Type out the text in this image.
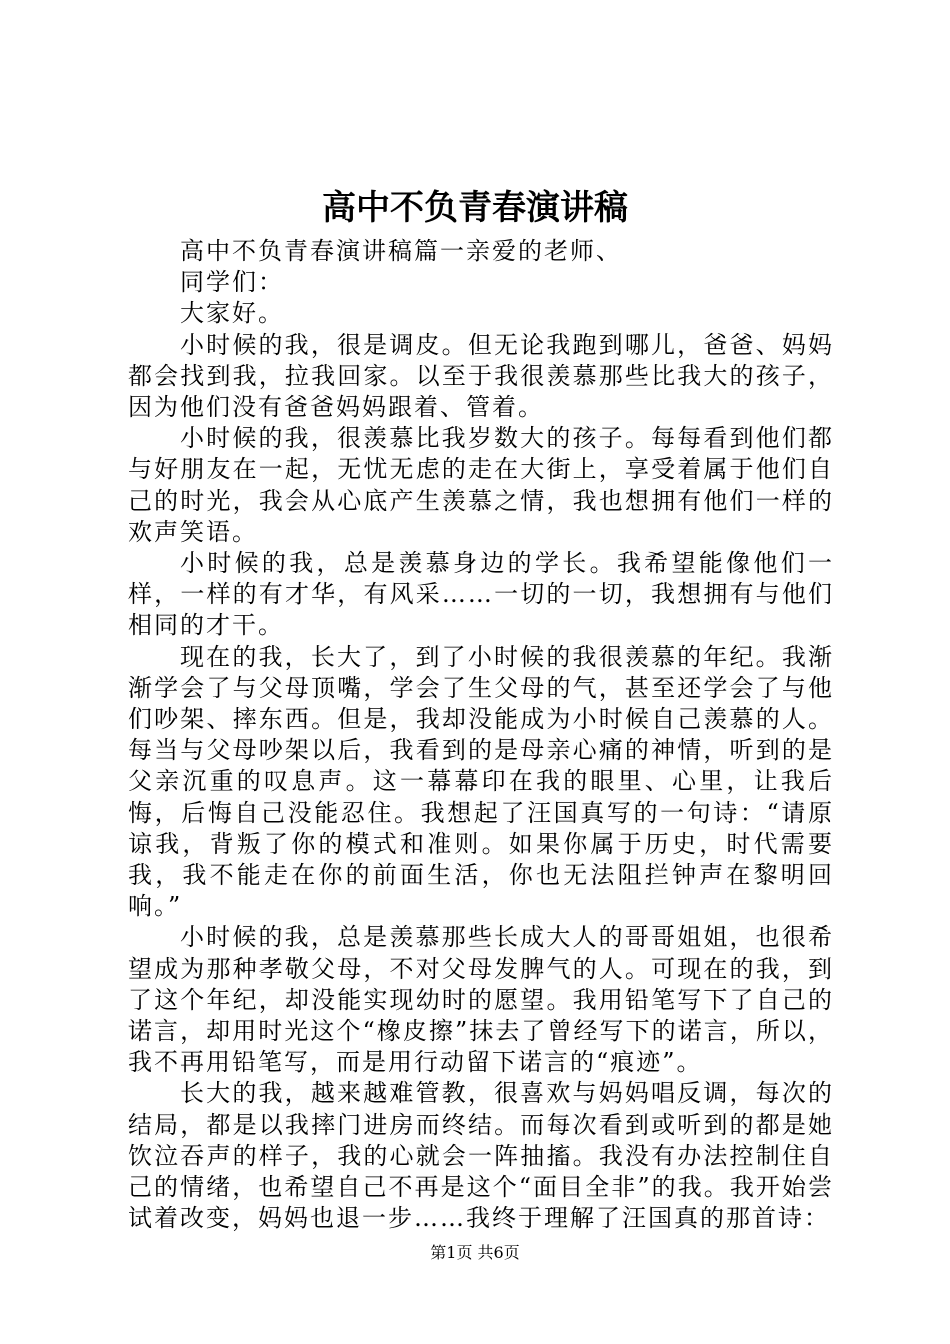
高中不负青春演讲稿

高中不负青春演讲稿篇一亲爱的老师、

同学们：

大家好。

小时候的我，很是调皮。但无论我跑到哪儿，爸爸、妈妈都会找到我，拉我回家。以至于我很羡慕那些比我大的孩子，因为他们没有爸爸妈妈跟着、管着。

小时候的我，很羡慕比我岁数大的孩子。每每看到他们都与好朋友在一起，无忧无虑的走在大街上，享受着属于他们自己的时光，我会从心底产生羡慕之情，我也想拥有他们一样的欢声笑语。

小时候的我，总是羡慕身边的学长。我希望能像他们一样，一样的有才华，有风采……一切的一切，我想拥有与他们相同的才干。

现在的我，长大了，到了小时候的我很羡慕的年纪。我渐渐学会了与父母顶嘴，学会了生父母的气，甚至还学会了与他们吵架、摔东西。但是，我却没能成为小时候自己羡慕的人。每当与父母吵架以后，我看到的是母亲心痛的神情，听到的是父亲沉重的叹息声。这一幕幕印在我的眼里、心里，让我后悔，后悔自己没能忍住。我想起了汪国真写的一句诗：“请原谅我，背叛了你的模式和准则。如果你属于历史，时代需要我，我不能走在你的前面生活，你也无法阻拦钟声在黎明回响。”

小时候的我，总是羡慕那些长成大人的哥哥姐姐，也很希望成为那种孝敬父母，不对父母发脾气的人。可现在的我，到了这个年纪，却没能实现幼时的愿望。我用铅笔写下了自己的诺言，却用时光这个“橡皮擦”抹去了曾经写下的诺言，所以，我不再用铅笔写，而是用行动留下诺言的“痕迹”。

长大的我，越来越难管教，很喜欢与妈妈唱反调，每次的结局，都是以我摔门进房而终结。而每次看到或听到的都是她饮泣吞声的样子，我的心就会一阵抽搐。我没有办法控制住自己的情绪，也希望自己不再是这个“面目全非”的我。我开始尝试着改变，妈妈也退一步……我终于理解了汪国真的那首诗：

第1页 共6页
